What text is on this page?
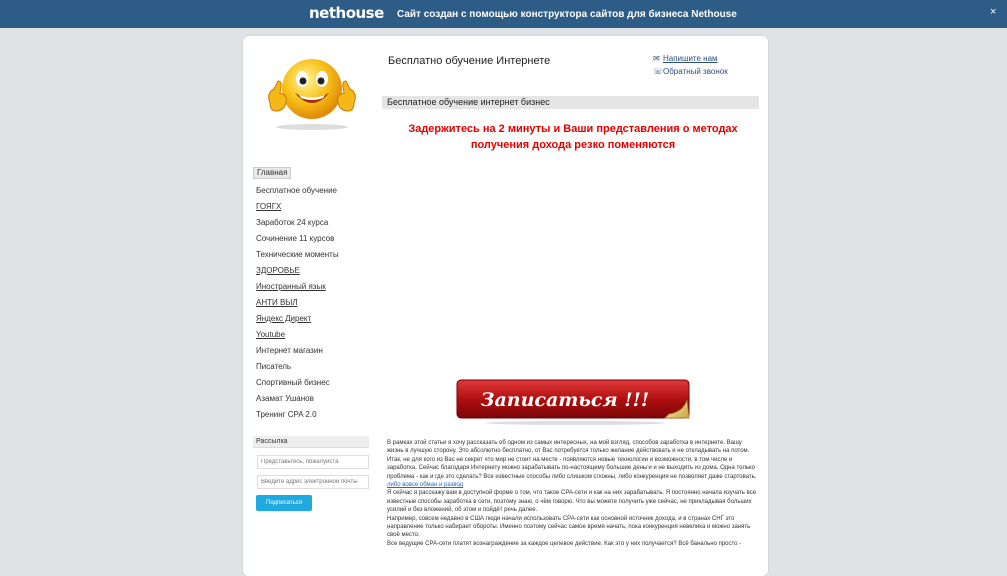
nethouse Сайт создан с помощью конструктора сайтов для бизнеса Nethouse	×
Бесплатно обучение Интернете	✉ Напишите нам
☏Обратный звонок
Главная
Бесплатное обучение
ГОЯГХ
Заработок 24 курса
Сочинение 11 курсов
Технические моменты
ЗДОРОВЬЕ
Иностранный язык
АНТИ ВЫЛ
Яндекс Директ
Youtube
Интернет магазин
Писатель
Спортивный бизнес
Азамат Ушанов
Тренинг CPA 2.0
Рассылка
Представьтесь, пожалуйста
Введите адрес электронной почты
Подписаться
Бесплатное обучение интернет бизнес
Задержитесь на 2 минуты и Ваши представления о методах получения дохода резко поменяются
Записаться !!!

В рамках этой статьи я хочу рассказать об одном из самых интересных, на мой взгляд, способов заработка в интернете. Вашу жизнь в лучшую сторону. Это абсолютно бесплатно, от Вас потребуется только желание действовать и не откладывать на потом.

Итак, не для кого из Вас не секрет что мир не стоит на месте - появляются новые технологии и возможности, в том числе и заработка. Сейчас благодаря Интернету можно зарабатывать по-настоящему большие деньги и не выходить из дома. Одна только проблема - как и где это сделать? Все известные способы либо слишком сложны, либо конкуренция не позволяет даже стартовать, либо вовсе обман и развод

Я сейчас я расскажу вам в доступной форме о том, что такое CPA-сети и как на них зарабатывать. Я постоянно начала изучать все известные способы заработка в сети, поэтому знаю, о чём говорю. Что вы можете получить уже сейчас, не прикладывая больших усилий и без вложений, об этом и пойдёт речь далее.

Например, совсем недавно в США люди начали использовать CPA-сети как основной источник дохода, и в странах СНГ это направление только набирает обороты. Именно поэтому сейчас самое время начать, пока конкуренция невелика и можно занять своё место.

Все ведущие CPA-сети платят вознаграждение за каждое целевое действие. Как это у них получается? Всё банально просто -
